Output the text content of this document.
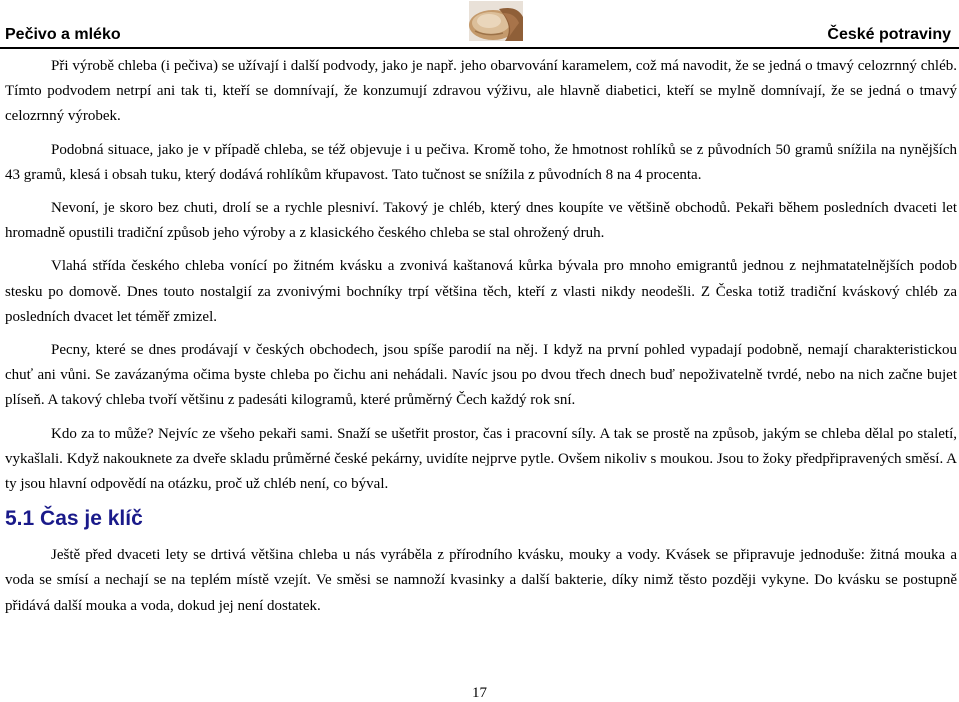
Pečivo a mléko	České potraviny

Při výrobě chleba (i pečiva) se užívají i další podvody, jako je např. jeho obarvování karamelem, což má navodit, že se jedná o tmavý celozrnný chléb. Tímto podvodem netrpí ani tak ti, kteří se domnívají, že konzumují zdravou výživu, ale hlavně diabetici, kteří se mylně domnívají, že se jedná o tmavý celozrnný výrobek.

Podobná situace, jako je v případě chleba, se též objevuje i u pečiva. Kromě toho, že hmotnost rohlíků se z původních 50 gramů snížila na nynějších 43 gramů, klesá i obsah tuku, který dodává rohlíkům křupavost. Tato tučnost se snížila z původních 8 na 4 procenta.

Nevoní, je skoro bez chuti, drolí se a rychle plesniví. Takový je chléb, který dnes koupíte ve většině obchodů. Pekaři během posledních dvaceti let hromadně opustili tradiční způsob jeho výroby a z klasického českého chleba se stal ohrožený druh.

Vlahá střída českého chleba vonící po žitném kvásku a zvonivá kaštanová kůrka bývala pro mnoho emigrantů jednou z nejhmatatelnějších podob stesku po domově. Dnes touto nostalgií za zvonivými bochníky trpí většina těch, kteří z vlasti nikdy neodešli. Z Česka totiž tradiční kváskový chléb za posledních dvacet let téměř zmizel.

Pecny, které se dnes prodávají v českých obchodech, jsou spíše parodií na něj. I když na první pohled vypadají podobně, nemají charakteristickou chuť ani vůni. Se zavázanýma očima byste chleba po čichu ani nehádali. Navíc jsou po dvou třech dnech buď nepoživatelně tvrdé, nebo na nich začne bujet plíseň. A takový chleba tvoří většinu z padesáti kilogramů, které průměrný Čech každý rok sní.

Kdo za to může? Nejvíc ze všeho pekaři sami. Snaží se ušetřit prostor, čas i pracovní síly. A tak se prostě na způsob, jakým se chleba dělal po staletí, vykašlali. Když nakouknete za dveře skladu průměrné české pekárny, uvidíte nejprve pytle. Ovšem nikoliv s moukou. Jsou to žoky předpřipravených směsí. A ty jsou hlavní odpovědí na otázku, proč už chléb není, co býval.

5.1 Čas je klíč

Ještě před dvaceti lety se drtivá většina chleba u nás vyráběla z přírodního kvásku, mouky a vody. Kvásek se připravuje jednoduše: žitná mouka a voda se smísí a nechají se na teplém místě vzejít. Ve směsi se namnoží kvasinky a další bakterie, díky nimž těsto později vykyne. Do kvásku se postupně přidává další mouka a voda, dokud jej není dostatek.

17
